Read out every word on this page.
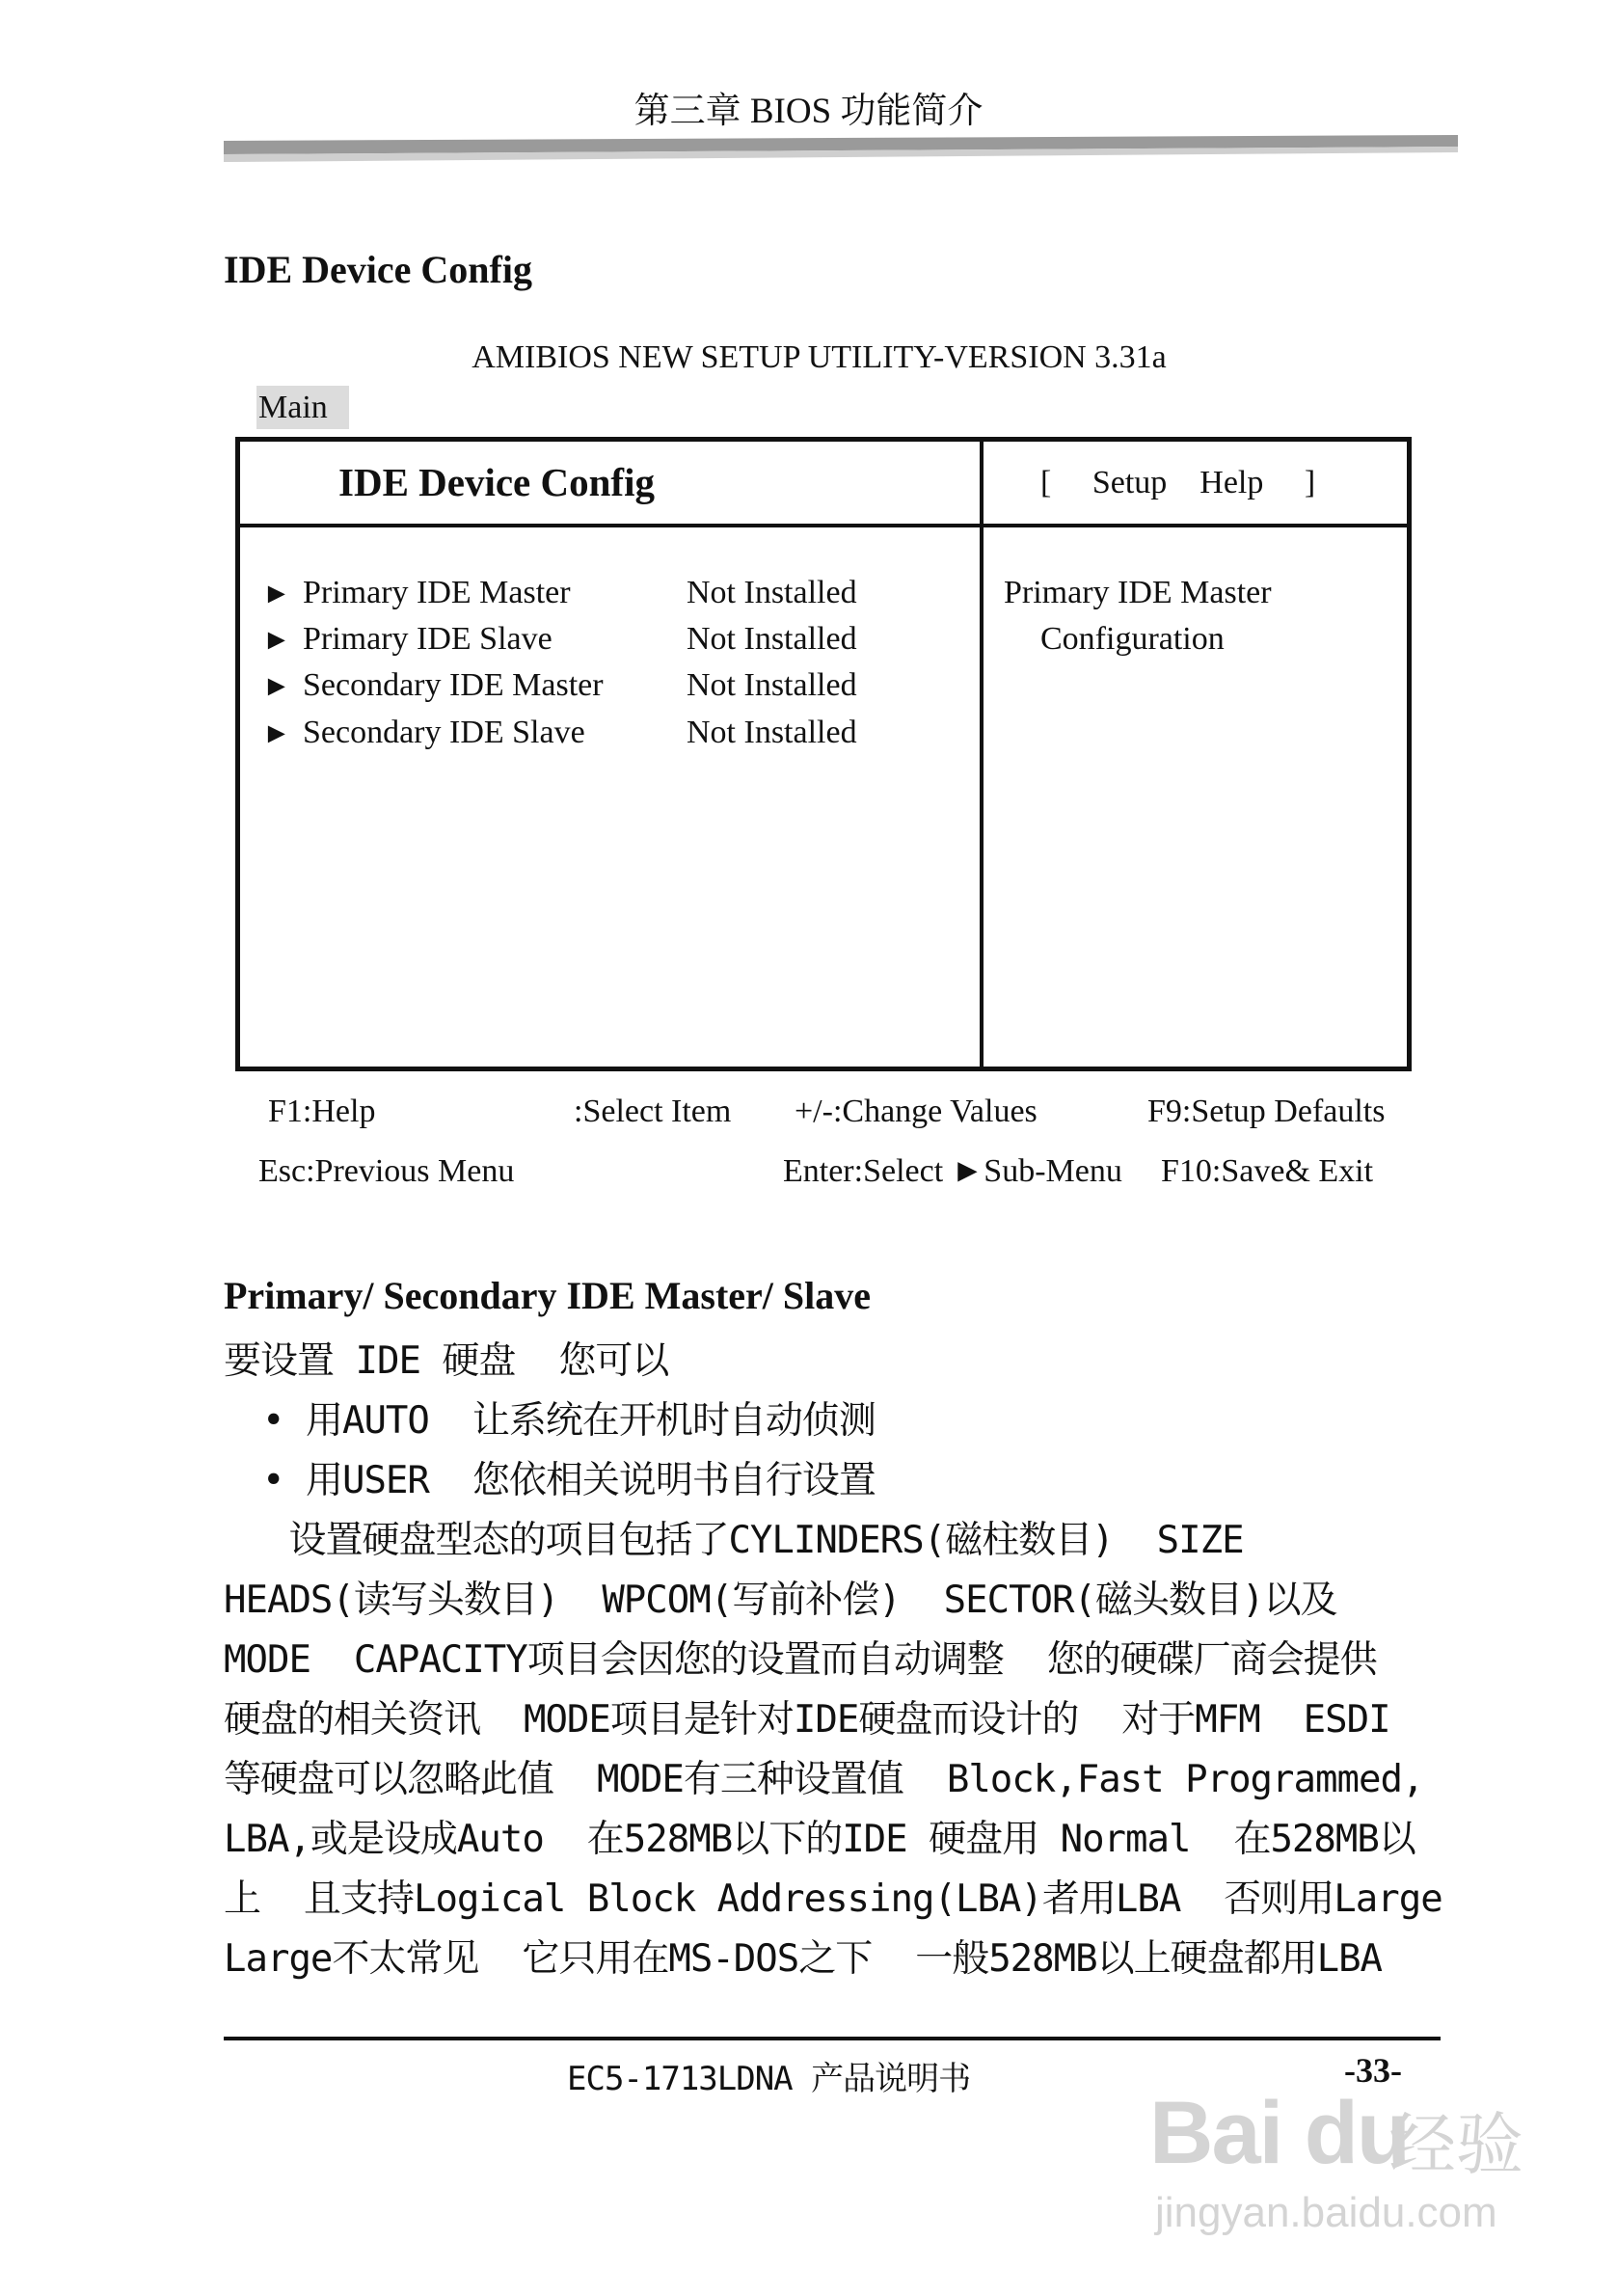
第三章 BIOS 功能简介
IDE Device Config
AMIBIOS NEW SETUP UTILITY-VERSION 3.31a
Main
IDE Device Config	[     Setup    Help     ]
► Primary IDE Master	Not Installed
► Primary IDE Slave	Not Installed
► Secondary IDE Master	Not Installed
► Secondary IDE Slave	Not Installed
Primary IDE Master
Configuration
F1:Help	:Select Item +/-:Change Values	F9:Setup Defaults
Esc:Previous Menu	Enter:Select ►Sub-Menu F10:Save& Exit
Primary/ Secondary IDE Master/ Slave
要设置 IDE 硬盘  您可以
• 用AUTO  让系统在开机时自动侦测
• 用USER  您依相关说明书自行设置
设置硬盘型态的项目包括了CYLINDERS(磁柱数目)  SIZE
HEADS(读写头数目)  WPCOM(写前补偿)  SECTOR(磁头数目)以及
MODE  CAPACITY项目会因您的设置而自动调整  您的硬碟厂商会提供
硬盘的相关资讯  MODE项目是针对IDE硬盘而设计的  对于MFM  ESDI
等硬盘可以忽略此值  MODE有三种设置值  Block,Fast Programmed,
LBA,或是设成Auto  在528MB以下的IDE 硬盘用 Normal  在528MB以
上  且支持Logical Block Addressing(LBA)者用LBA  否则用Large
Large不太常见  它只用在MS-DOS之下  一般528MB以上硬盘都用LBA
EC5-1713LDNA 产品说明书	-33-
Bai du
经验
jingyan.baidu.com
